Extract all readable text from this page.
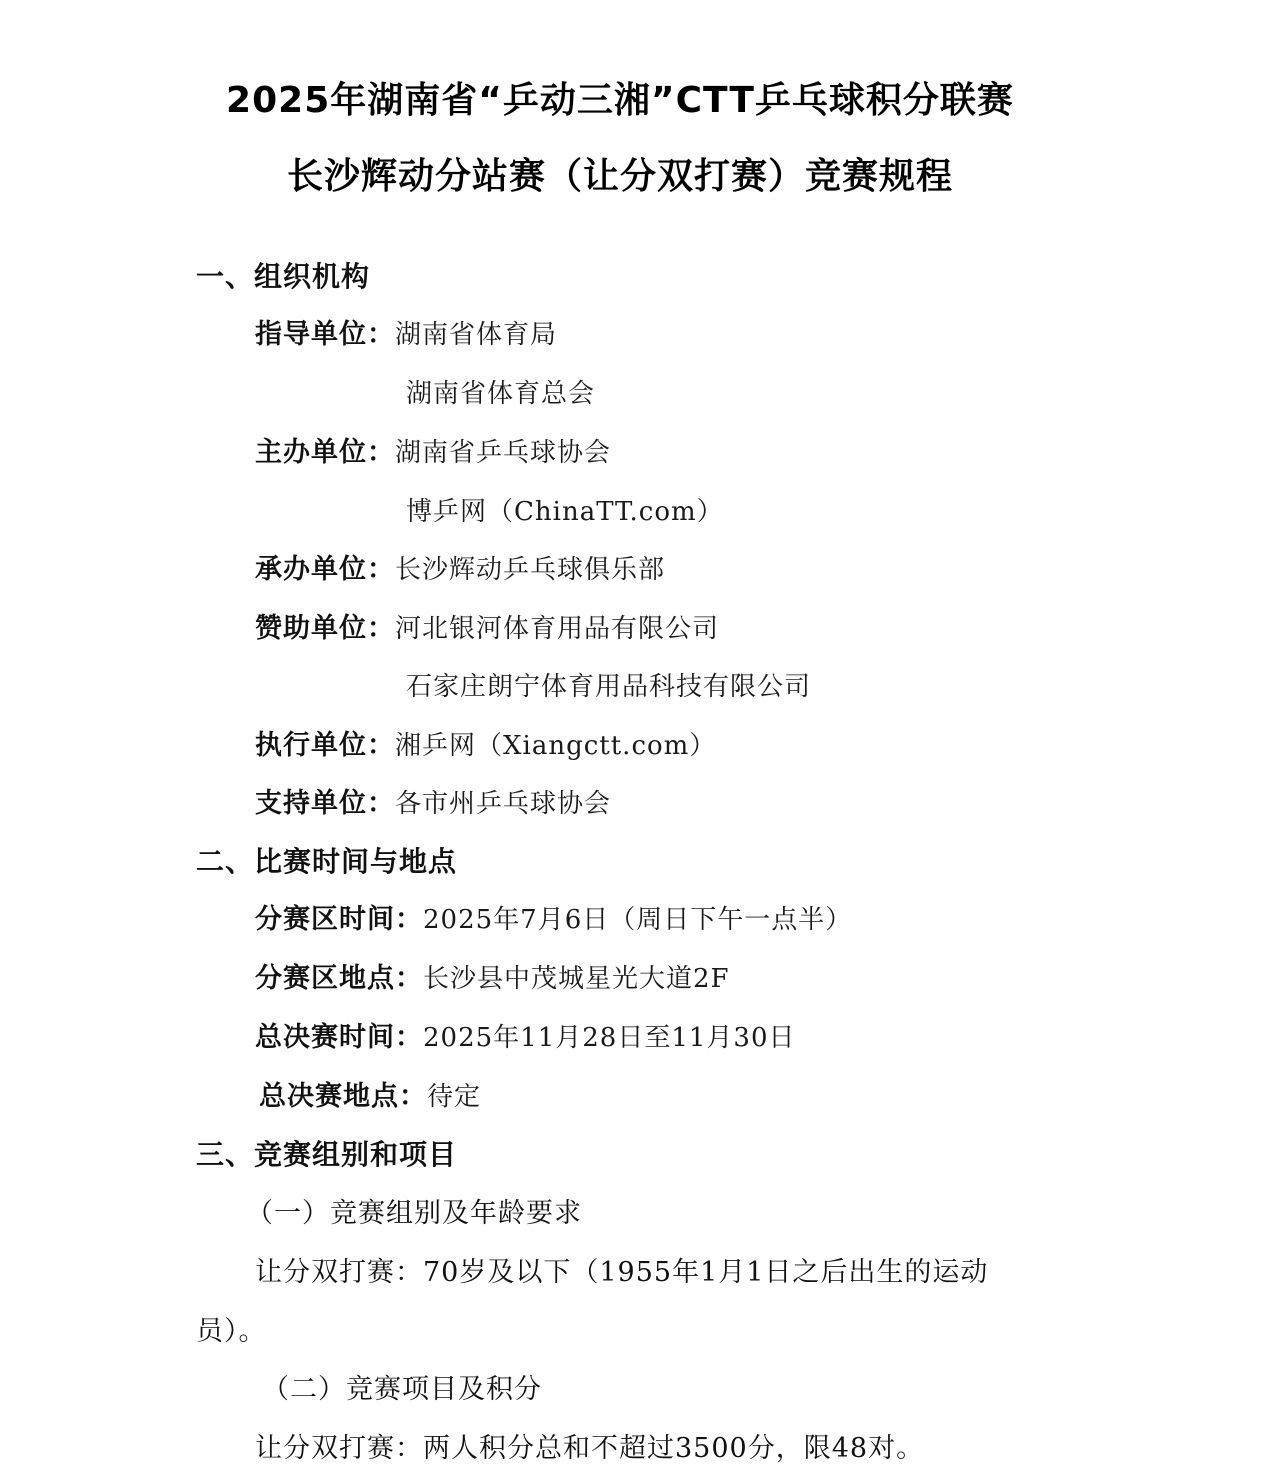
2025年湖南省“乒动三湘”CTT乒乓球积分联赛
长沙辉动分站赛（让分双打赛）竞赛规程
一、组织机构
指导单位：湖南省体育局
湖南省体育总会
主办单位：湖南省乒乓球协会
博乒网（ChinaTT.com）
承办单位：长沙辉动乒乓球俱乐部
赞助单位：河北银河体育用品有限公司
石家庄朗宁体育用品科技有限公司
执行单位：湘乒网（Xiangctt.com）
支持单位：各市州乒乓球协会
二、比赛时间与地点
分赛区时间：2025年7月6日（周日下午一点半）
分赛区地点：长沙县中茂城星光大道2F
总决赛时间：2025年11月28日至11月30日
总决赛地点：待定
三、竞赛组别和项目
（一）竞赛组别及年龄要求
让分双打赛：70岁及以下（1955年1月1日之后出生的运动
员）。
（二）竞赛项目及积分
让分双打赛：两人积分总和不超过3500分，限48对。
